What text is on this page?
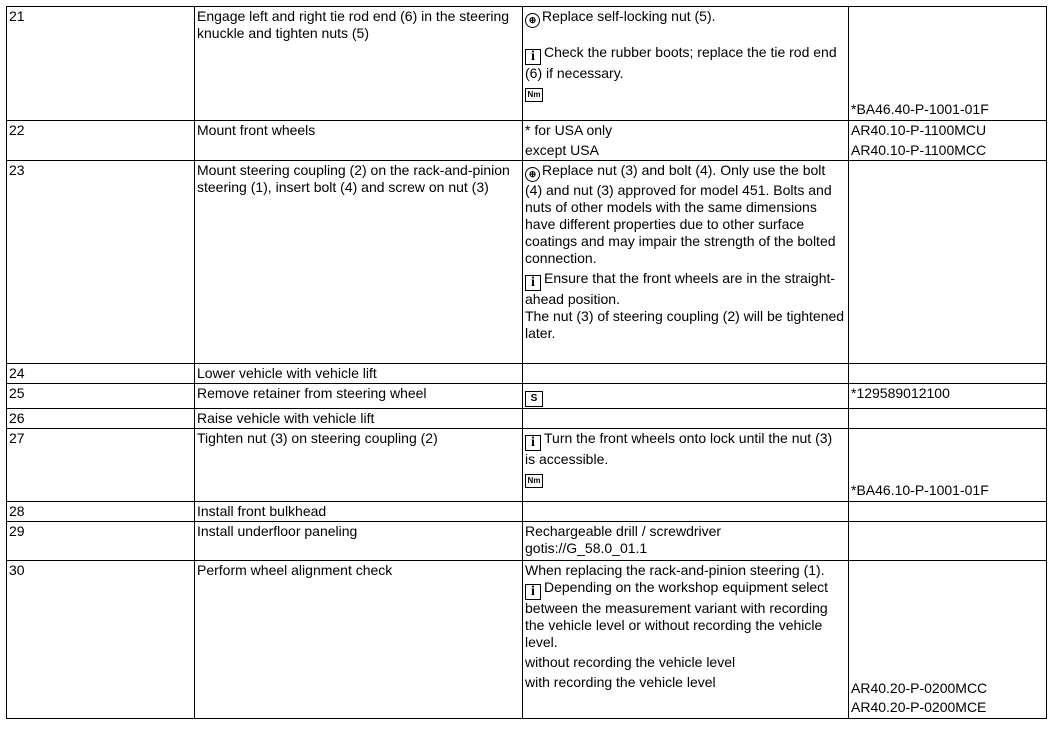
21	Engage left and right tie rod end (6) in the steering knuckle and tighten nuts (5)	⊕ Replace self-locking nut (5).
i Check the rubber boots; replace the tie rod end (6) if necessary.
Nm	*BA46.40-P-1001-01F

22	Mount front wheels	* for USA only
except USA	AR40.10-P-1100MCU
AR40.10-P-1100MCC

23	Mount steering coupling (2) on the rack-and-pinion steering (1), insert bolt (4) and screw on nut (3)	⊕ Replace nut (3) and bolt (4). Only use the bolt (4) and nut (3) approved for model 451. Bolts and nuts of other models with the same dimensions have different properties due to other surface coatings and may impair the strength of the bolted connection.
i Ensure that the front wheels are in the straight-ahead position.
The nut (3) of steering coupling (2) will be tightened later.	

24	Lower vehicle with vehicle lift		
25	Remove retainer from steering wheel	S	*129589012100
26	Raise vehicle with vehicle lift		
27	Tighten nut (3) on steering coupling (2)	i Turn the front wheels onto lock until the nut (3) is accessible.
Nm	*BA46.10-P-1001-01F

28	Install front bulkhead		
29	Install underfloor paneling	Rechargeable drill / screwdriver
gotis://G_58.0_01.1	

30	Perform wheel alignment check	When replacing the rack-and-pinion steering (1).
i Depending on the workshop equipment select between the measurement variant with recording the vehicle level or without recording the vehicle level.
without recording the vehicle level
with recording the vehicle level	AR40.20-P-0200MCC
AR40.20-P-0200MCE
